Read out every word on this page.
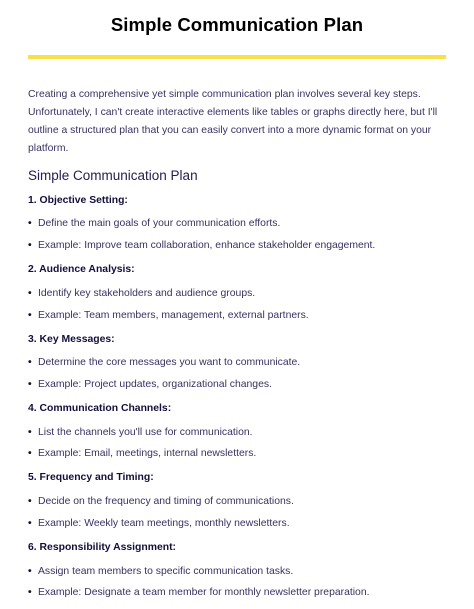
Simple Communication Plan
Creating a comprehensive yet simple communication plan involves several key steps. Unfortunately, I can't create interactive elements like tables or graphs directly here, but I'll outline a structured plan that you can easily convert into a more dynamic format on your platform.
Simple Communication Plan
1. Objective Setting:
• Define the main goals of your communication efforts.
• Example: Improve team collaboration, enhance stakeholder engagement.
2. Audience Analysis:
• Identify key stakeholders and audience groups.
• Example: Team members, management, external partners.
3. Key Messages:
• Determine the core messages you want to communicate.
• Example: Project updates, organizational changes.
4. Communication Channels:
• List the channels you'll use for communication.
• Example: Email, meetings, internal newsletters.
5. Frequency and Timing:
• Decide on the frequency and timing of communications.
• Example: Weekly team meetings, monthly newsletters.
6. Responsibility Assignment:
• Assign team members to specific communication tasks.
• Example: Designate a team member for monthly newsletter preparation.
